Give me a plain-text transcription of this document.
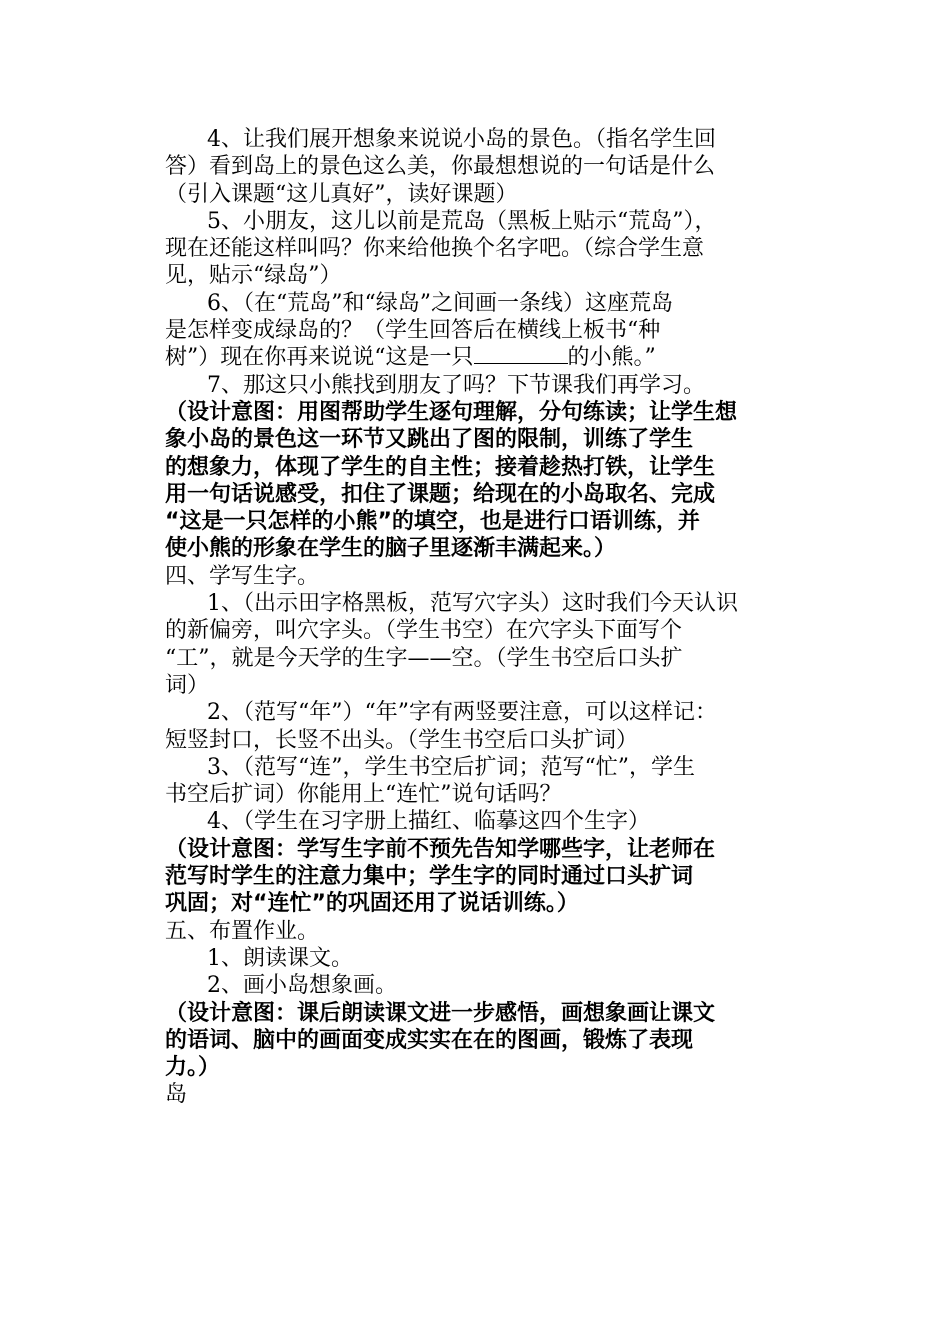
4、让我们展开想象来说说小岛的景色。（指名学生回
答）看到岛上的景色这么美，你最想想说的一句话是什么
（引入课题“这儿真好”，读好课题）
5、小朋友，这儿以前是荒岛（黑板上贴示“荒岛”），
现在还能这样叫吗？你来给他换个名字吧。（综合学生意
见，贴示“绿岛”）
6、（在“荒岛”和“绿岛”之间画一条线）这座荒岛
是怎样变成绿岛的？（学生回答后在横线上板书“种
树”）现在你再来说说“这是一只	的小熊。”
7、那这只小熊找到朋友了吗？下节课我们再学习。
（设计意图：用图帮助学生逐句理解，分句练读；让学生想
象小岛的景色这一环节又跳出了图的限制，训练了学生
的想象力，体现了学生的自主性；接着趁热打铁，让学生
用一句话说感受，扣住了课题；给现在的小岛取名、完成
“这是一只怎样的小熊”的填空，也是进行口语训练，并
使小熊的形象在学生的脑子里逐渐丰满起来。）
四、学写生字。
1、（出示田字格黑板，范写穴字头）这时我们今天认识
的新偏旁，叫穴字头。（学生书空）在穴字头下面写个
“工”，就是今天学的生字——空。（学生书空后口头扩
词）
2、（范写“年”）“年”字有两竖要注意，可以这样记：
短竖封口，长竖不出头。（学生书空后口头扩词）
3、（范写“连”，学生书空后扩词；范写“忙”，学生
书空后扩词）你能用上“连忙”说句话吗？
4、（学生在习字册上描红、临摹这四个生字）
（设计意图：学写生字前不预先告知学哪些字，让老师在
范写时学生的注意力集中；学生字的同时通过口头扩词
巩固；对“连忙”的巩固还用了说话训练。）
五、布置作业。
1、朗读课文。
2、画小岛想象画。
（设计意图：课后朗读课文进一步感悟，画想象画让课文
的语词、脑中的画面变成实实在在的图画，锻炼了表现
力。）
岛
